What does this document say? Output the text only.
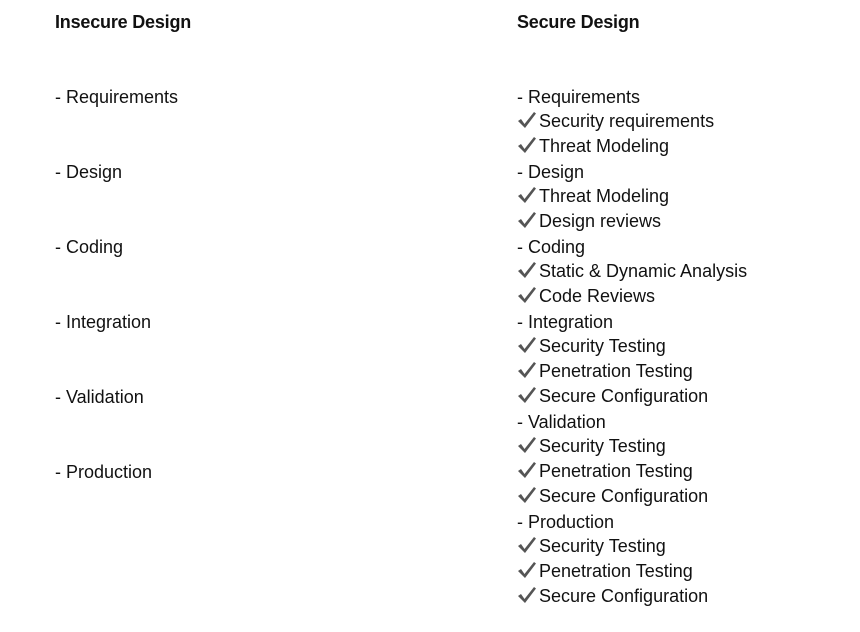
Insecure Design
- Requirements
- Design
- Coding
- Integration
- Validation
- Production
Secure Design
- Requirements
Security requirements
Threat Modeling
- Design
Threat Modeling
Design reviews
- Coding
Static & Dynamic Analysis
Code Reviews
- Integration
Security Testing
Penetration Testing
Secure Configuration
- Validation
Security Testing
Penetration Testing
Secure Configuration
- Production
Security Testing
Penetration Testing
Secure Configuration
